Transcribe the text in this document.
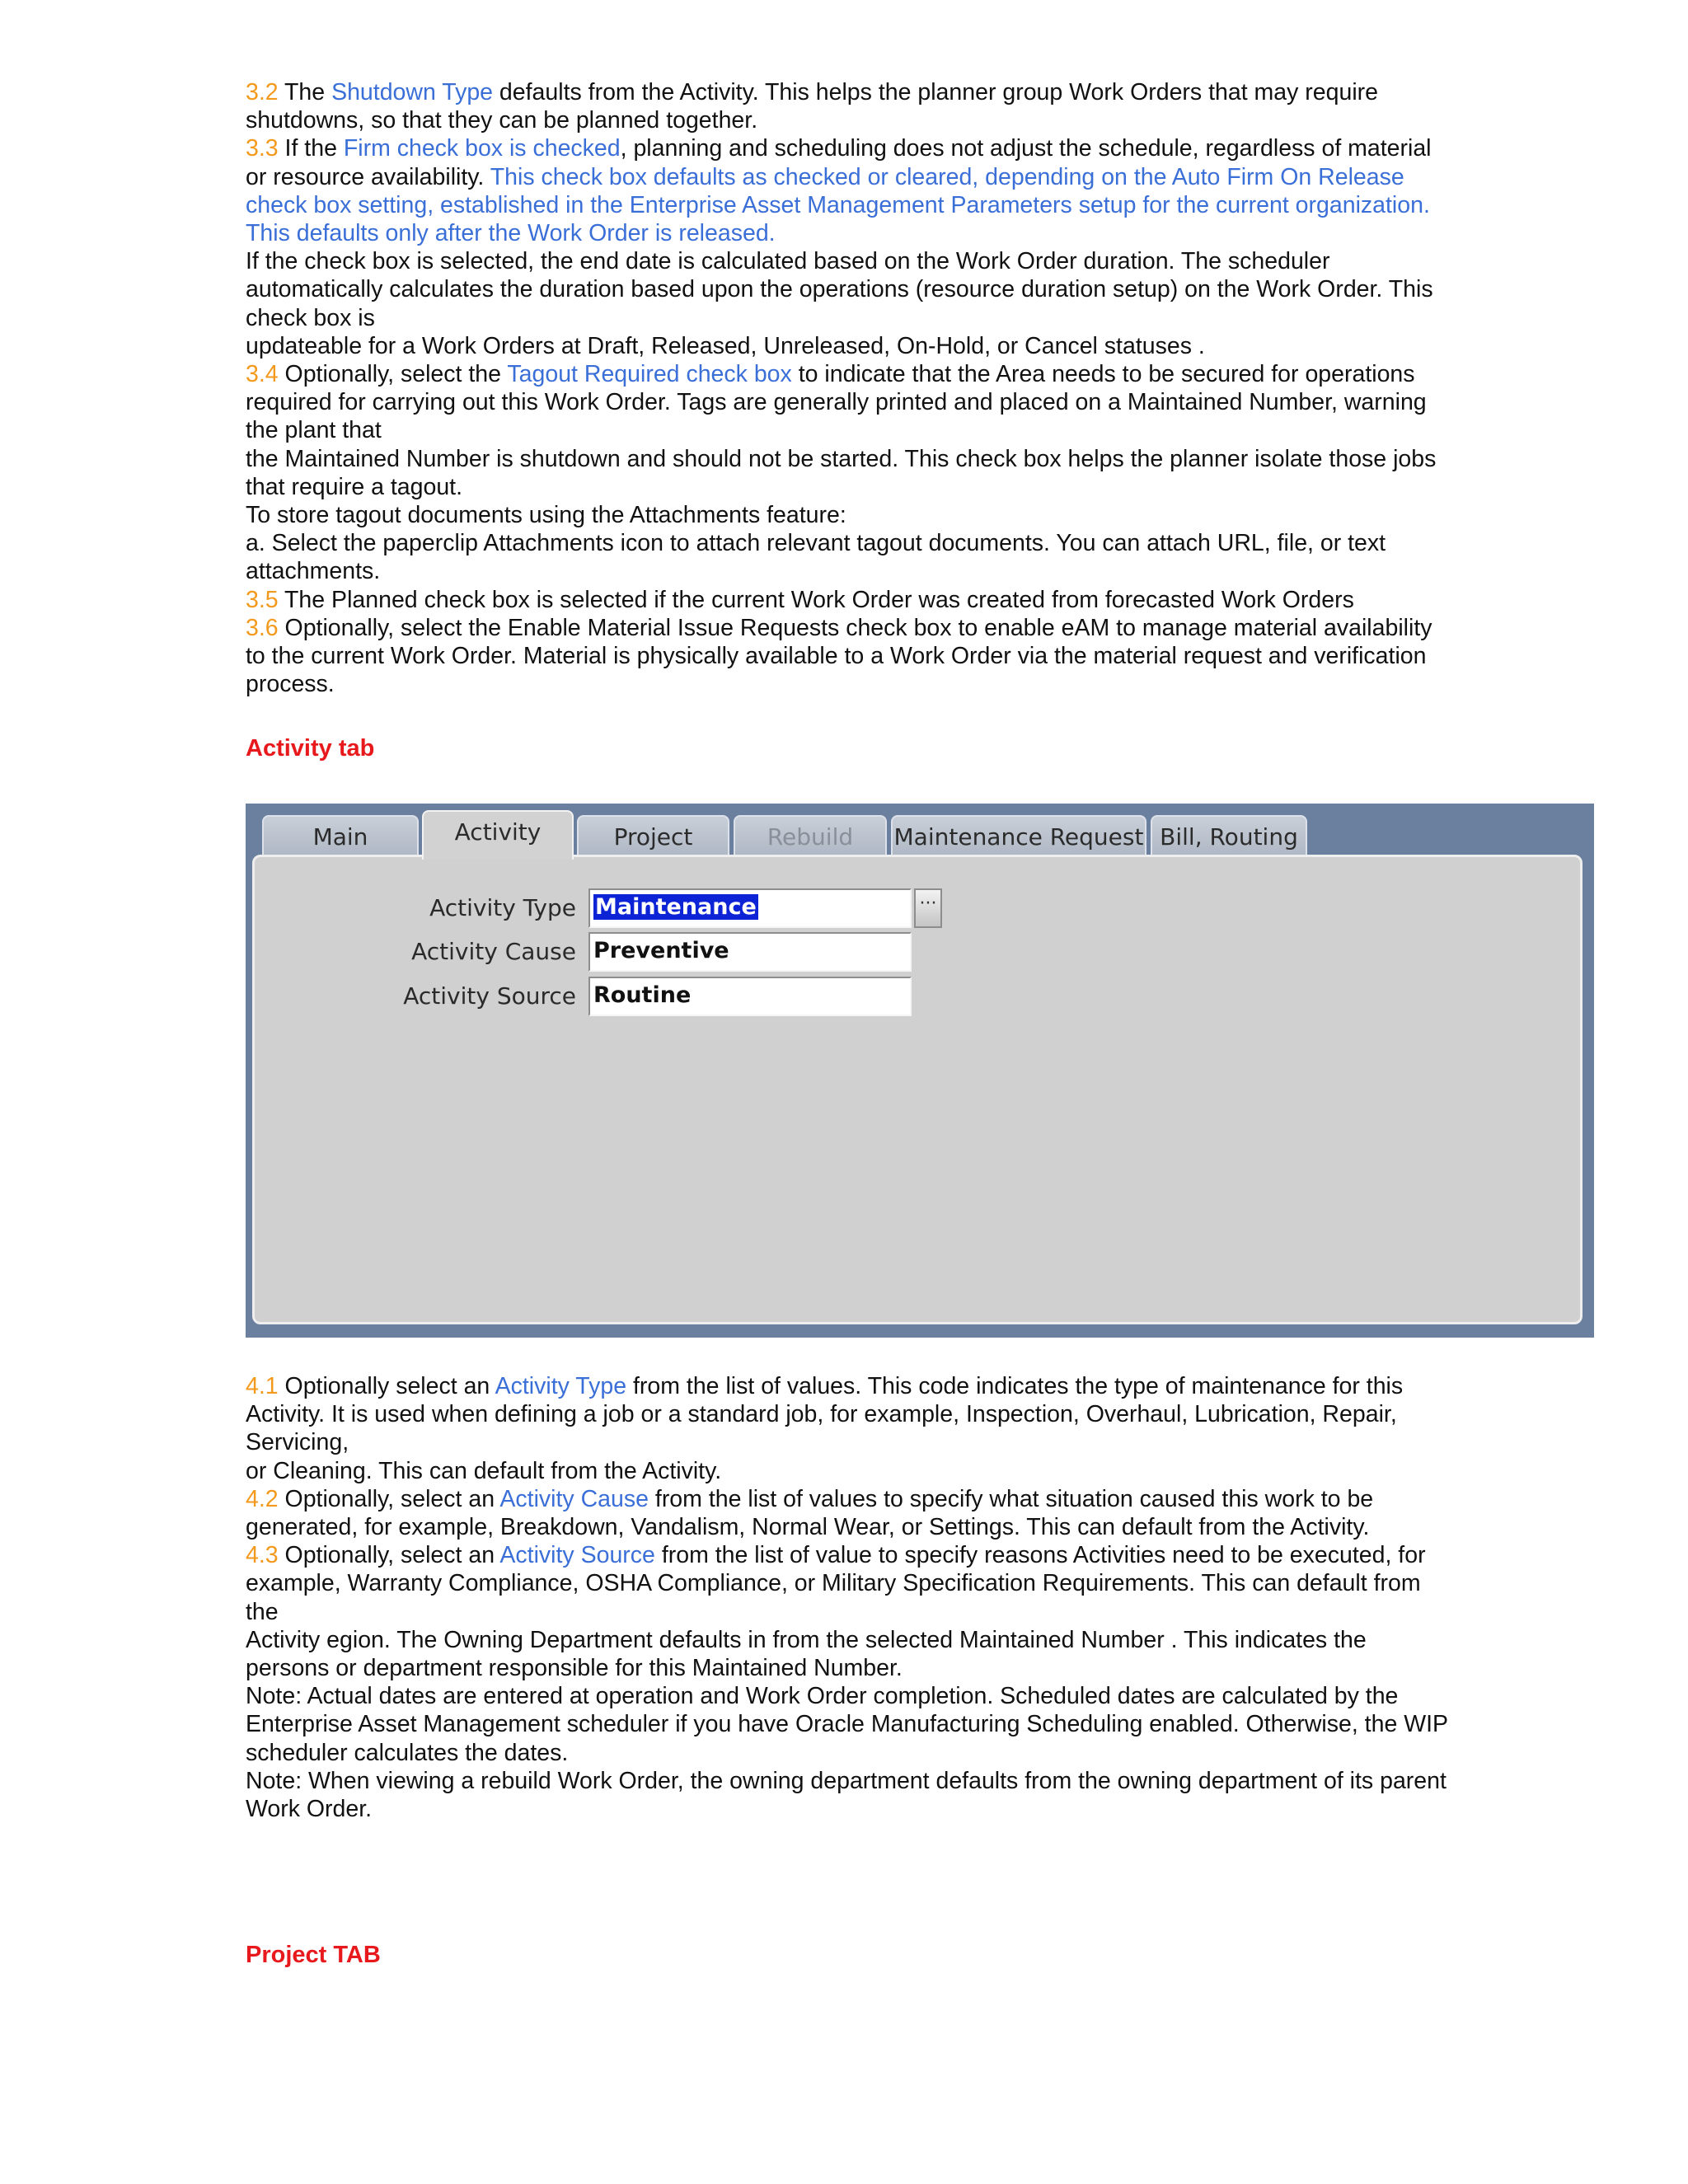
3.2 The Shutdown Type defaults from the Activity. This helps the planner group Work Orders that may require shutdowns, so that they can be planned together.

3.3 If the Firm check box is checked, planning and scheduling does not adjust the schedule, regardless of material or resource availability. This check box defaults as checked or cleared, depending on the Auto Firm On Release check box setting, established in the Enterprise Asset Management Parameters setup for the current organization. This defaults only after the Work Order is released.

If the check box is selected, the end date is calculated based on the Work Order duration. The scheduler automatically calculates the duration based upon the operations (resource duration setup) on the Work Order. This check box is

updateable for a Work Orders at Draft, Released, Unreleased, On-Hold, or Cancel statuses .

3.4 Optionally, select the Tagout Required check box to indicate that the Area needs to be secured for operations required for carrying out this Work Order. Tags are generally printed and placed on a Maintained Number, warning the plant that

the Maintained Number is shutdown and should not be started. This check box helps the planner isolate those jobs that require a tagout.

To store tagout documents using the Attachments feature:

a. Select the paperclip Attachments icon to attach relevant tagout documents. You can attach URL, file, or text attachments.

3.5 The Planned check box is selected if the current Work Order was created from forecasted Work Orders

3.6 Optionally, select the Enable Material Issue Requests check box to enable eAM to manage material availability to the current Work Order. Material is physically available to a Work Order via the material request and verification process.

Activity tab

Main	Activity	Project	Rebuild	Maintenance Request Bill, Routing
Activity Type Maintenance	···
Activity Cause Preventive
Activity Source Routine

4.1 Optionally select an Activity Type from the list of values. This code indicates the type of maintenance for this Activity. It is used when defining a job or a standard job, for example, Inspection, Overhaul, Lubrication, Repair, Servicing,

or Cleaning. This can default from the Activity.

4.2 Optionally, select an Activity Cause from the list of values to specify what situation caused this work to be generated, for example, Breakdown, Vandalism, Normal Wear, or Settings. This can default from the Activity.

4.3 Optionally, select an Activity Source from the list of value to specify reasons Activities need to be executed, for example, Warranty Compliance, OSHA Compliance, or Military Specification Requirements. This can default from the

Activity egion. The Owning Department defaults in from the selected Maintained Number . This indicates the persons or department responsible for this Maintained Number.

Note: Actual dates are entered at operation and Work Order completion. Scheduled dates are calculated by the Enterprise Asset Management scheduler if you have Oracle Manufacturing Scheduling enabled. Otherwise, the WIP scheduler calculates the dates.

Note: When viewing a rebuild Work Order, the owning department defaults from the owning department of its parent

Work Order.

Project TAB
